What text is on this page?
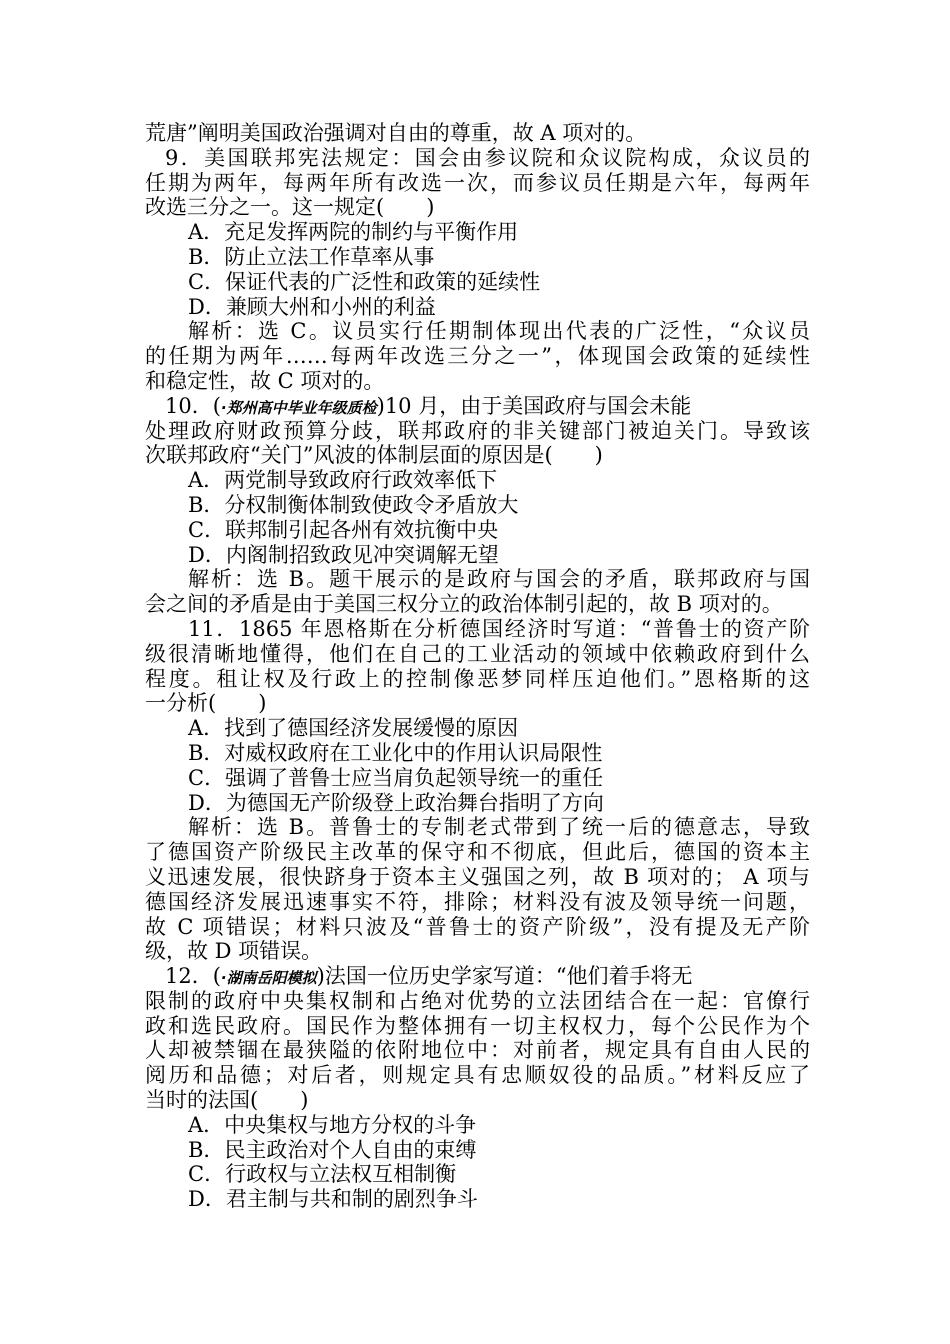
荒唐”阐明美国政治强调对自由的尊重，故 A 项对的。
9．美国联邦宪法规定：国会由参议院和众议院构成，众议员的
任期为两年，每两年所有改选一次，而参议员任期是六年，每两年
改选三分之一。这一规定(　　)
A．充足发挥两院的制约与平衡作用
B．防止立法工作草率从事
C．保证代表的广泛性和政策的延续性
D．兼顾大州和小州的利益
解析：选 C。议员实行任期制体现出代表的广泛性，“众议员
的任期为两年……每两年改选三分之一”，体现国会政策的延续性
和稳定性，故 C 项对的。
10．(·郑州高中毕业年级质检)10 月，由于美国政府与国会未能
处理政府财政预算分歧，联邦政府的非关键部门被迫关门。导致该
次联邦政府“关门”风波的体制层面的原因是(　　)
A．两党制导致政府行政效率低下
B．分权制衡体制致使政令矛盾放大
C．联邦制引起各州有效抗衡中央
D．内阁制招致政见冲突调解无望
解析：选 B。题干展示的是政府与国会的矛盾，联邦政府与国
会之间的矛盾是由于美国三权分立的政治体制引起的，故 B 项对的。
11．1865 年恩格斯在分析德国经济时写道：“普鲁士的资产阶
级很清晰地懂得，他们在自己的工业活动的领域中依赖政府到什么
程度。租让权及行政上的控制像恶梦同样压迫他们。”恩格斯的这
一分析(　　)
A．找到了德国经济发展缓慢的原因
B．对威权政府在工业化中的作用认识局限性
C．强调了普鲁士应当肩负起领导统一的重任
D．为德国无产阶级登上政治舞台指明了方向
解析：选 B。普鲁士的专制老式带到了统一后的德意志，导致
了德国资产阶级民主改革的保守和不彻底，但此后，德国的资本主
义迅速发展，很快跻身于资本主义强国之列，故 B 项对的； A 项与
德国经济发展迅速事实不符，排除；材料没有波及领导统一问题，
故 C 项错误；材料只波及“普鲁士的资产阶级”，没有提及无产阶
级，故 D 项错误。
12．(·湖南岳阳模拟)法国一位历史学家写道：“他们着手将无
限制的政府中央集权制和占绝对优势的立法团结合在一起：官僚行
政和选民政府。国民作为整体拥有一切主权权力，每个公民作为个
人却被禁锢在最狭隘的依附地位中：对前者，规定具有自由人民的
阅历和品德；对后者，则规定具有忠顺奴役的品质。”材料反应了
当时的法国(　　)
A．中央集权与地方分权的斗争
B．民主政治对个人自由的束缚
C．行政权与立法权互相制衡
D．君主制与共和制的剧烈争斗
